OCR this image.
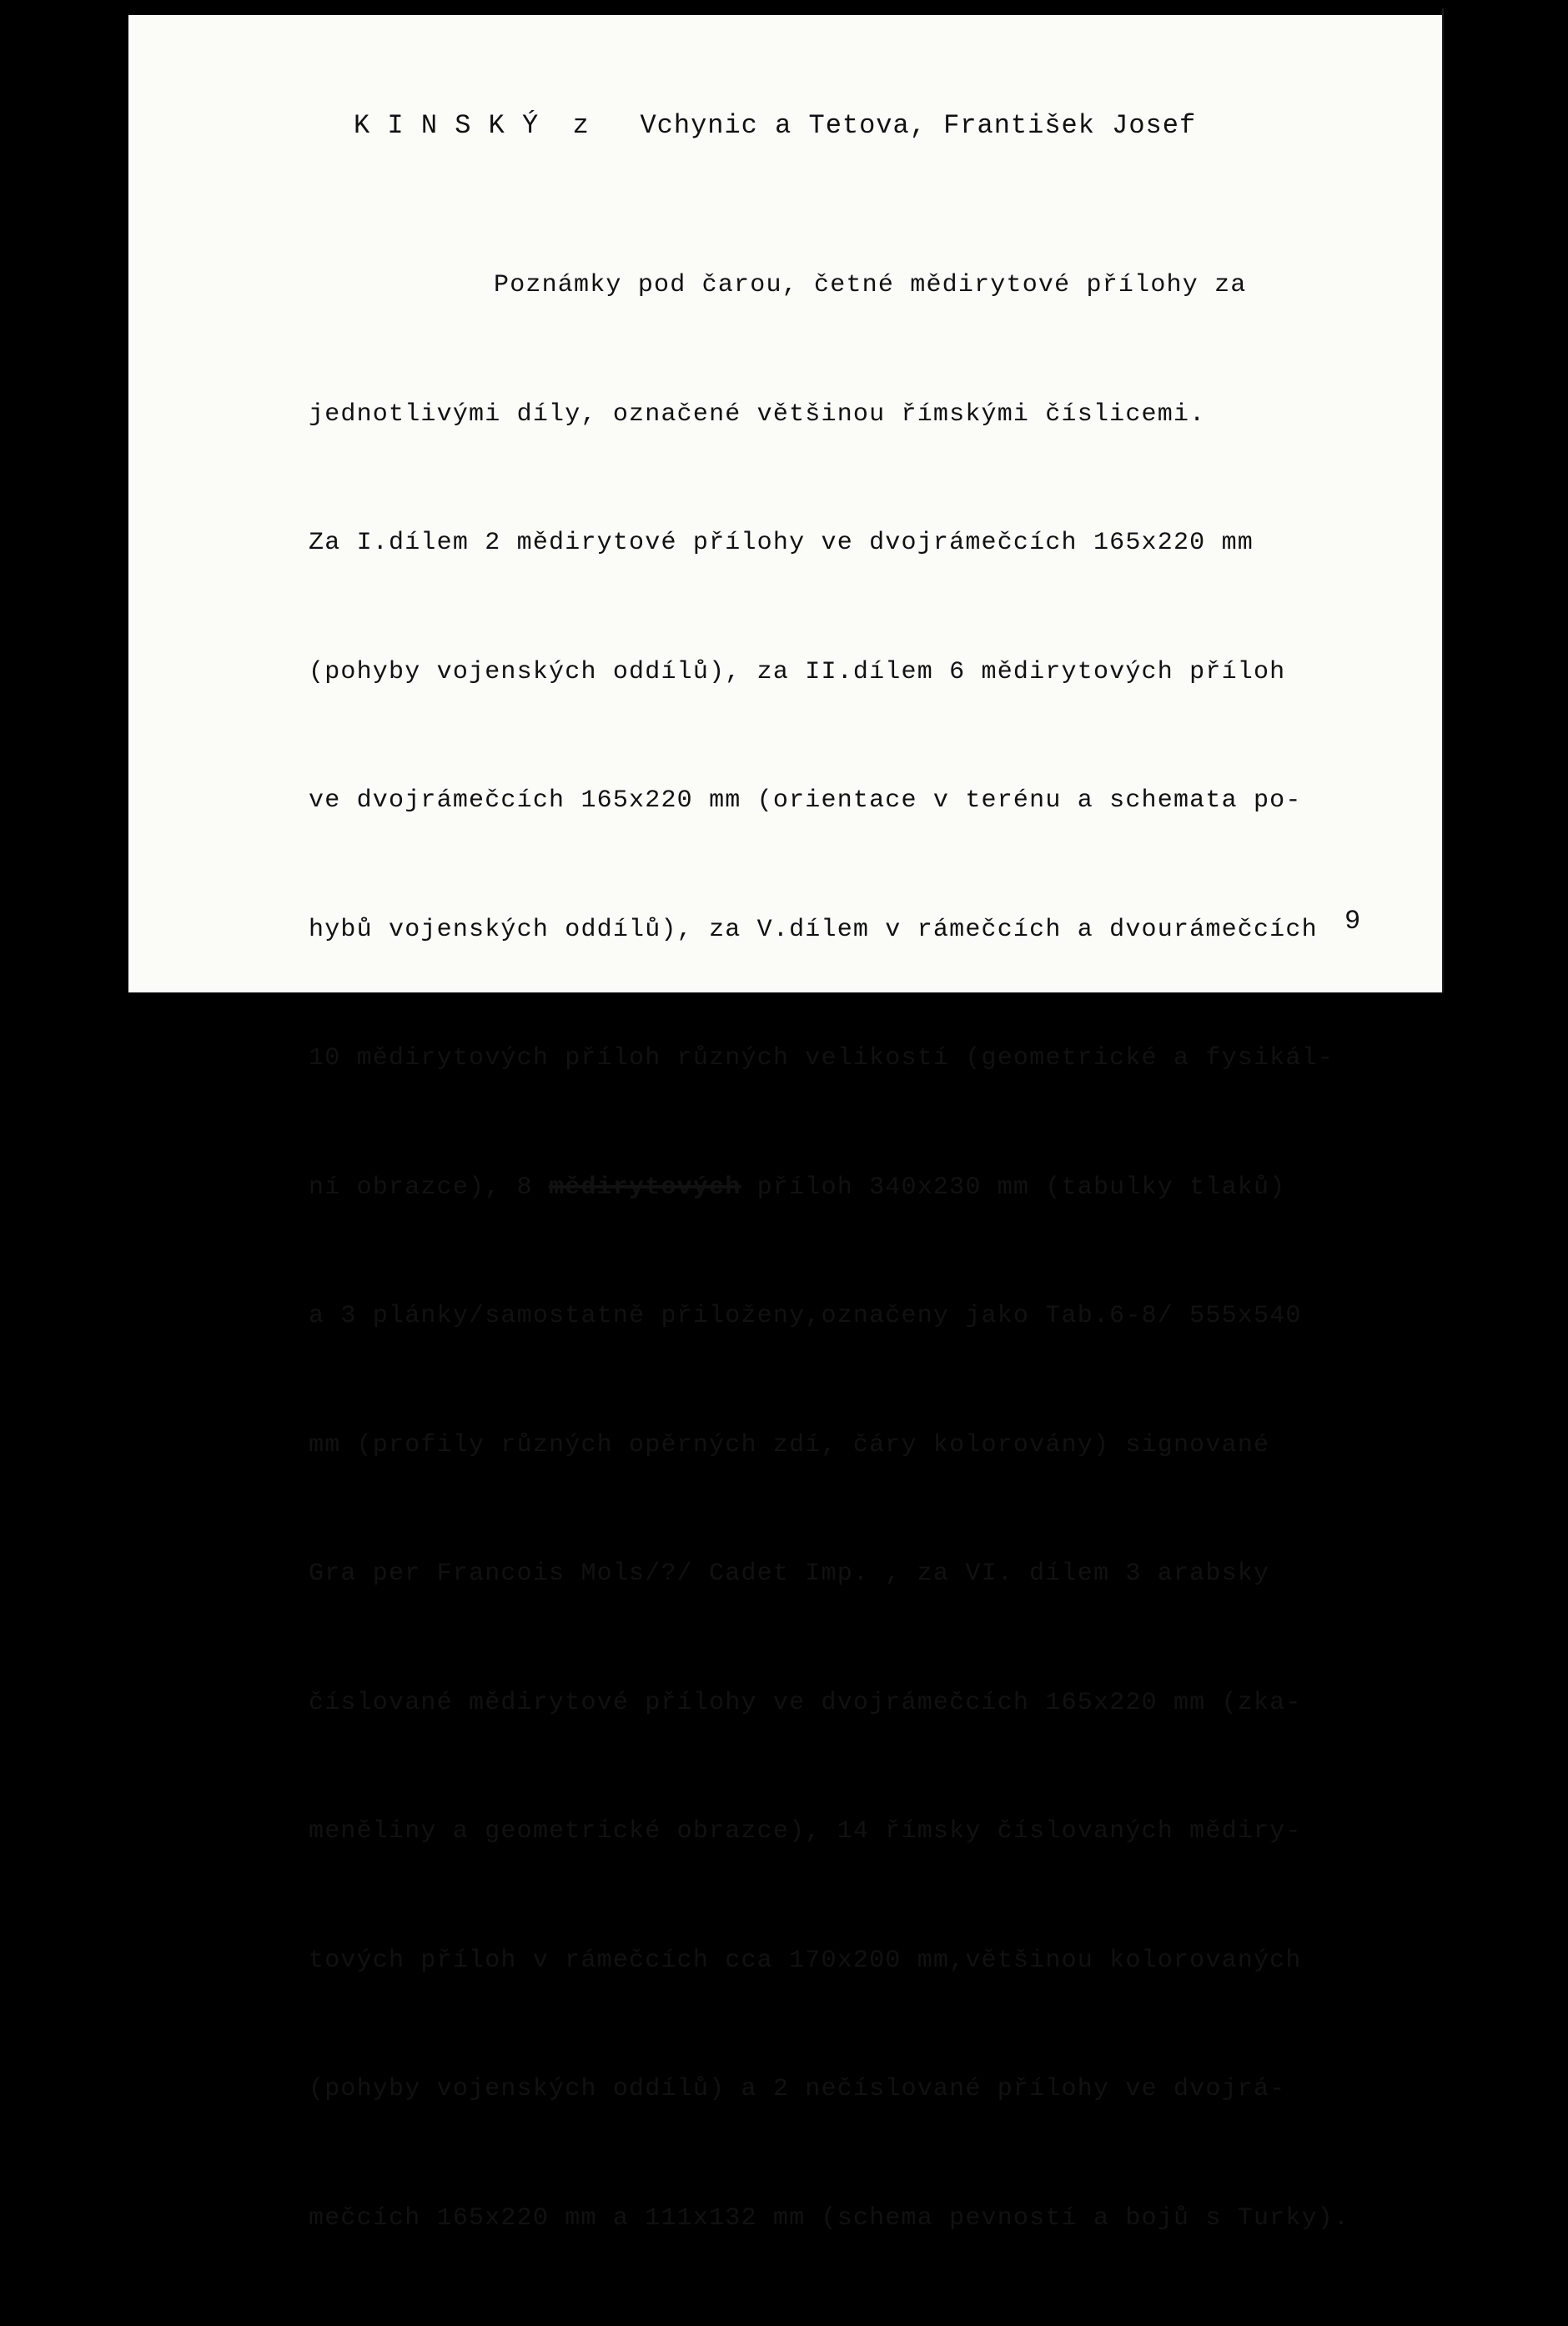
K I N S K Ý  z   Vchynic a Tetova, František Josef

Poznámky pod čarou, četné mědirytové přílohy za

jednotlivými díly, označené většinou římskými číslicemi.

Za I.dílem 2 mědirytové přílohy ve dvojrámečcích 165x220 mm

(pohyby vojenských oddílů), za II.dílem 6 mědirytových příloh

ve dvojrámečcích 165x220 mm (orientace v terénu a schemata po-

hybů vojenských oddílů), za V.dílem v rámečcích a dvourámečcích

10 mědirytových příloh různých velikostí (geometrické a fysikál-

ní obrazce), 8 mědirytových příloh 340x230 mm (tabulky tlaků)

a 3 plánky/samostatně přiloženy,označeny jako Tab.6-8/ 555x540

mm (profily různých opěrných zdí, čáry kolorovány) signované

Gra per Francois Mols/?/ Cadet Imp. , za VI. dílem 3 arabsky

číslované mědirytové přílohy ve dvojrámečcích 165x220 mm (zka-

meněliny a geometrické obrazce), 14 římsky číslovaných mědiry-

tových příloh v rámečcích cca 170x200 mm,většinou kolorovaných

(pohyby vojenských oddílů) a 2 nečíslované přílohy ve dvojrá-

mečcích 165x220 mm a 111x132 mm (schema pevností a bojů s Turky).

9
